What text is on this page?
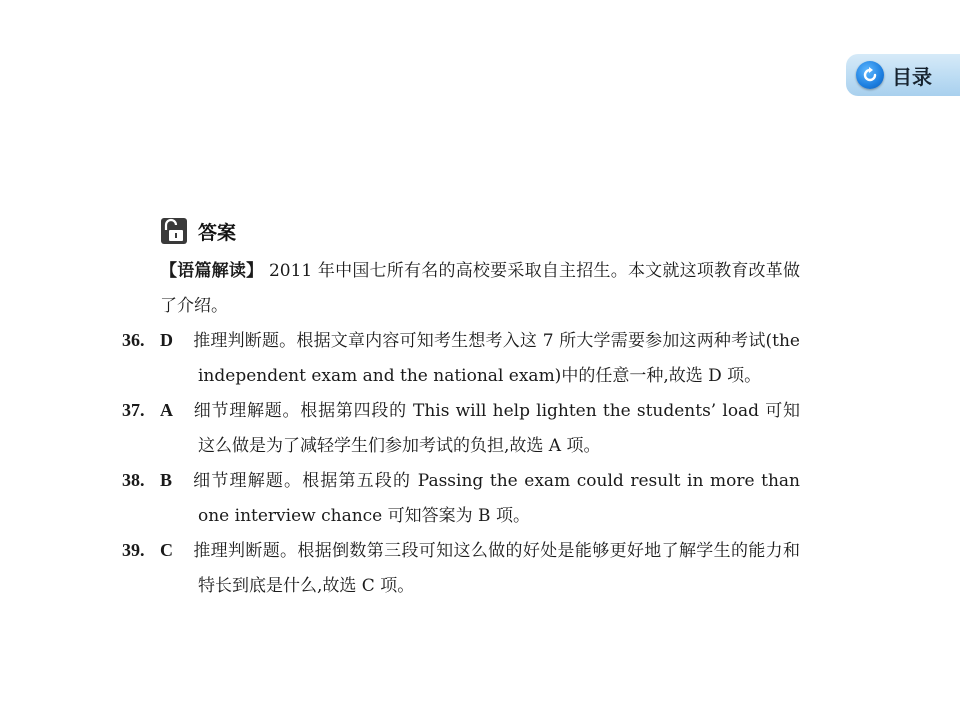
目录
答案
【语篇解读】 2011 年中国七所有名的高校要采取自主招生。本文就这项教育改革做了介绍。
36. D 推理判断题。根据文章内容可知考生想考入这 7 所大学需要参加这两种考试(the independent exam and the national exam)中的任意一种,故选 D 项。
37. A 细节理解题。根据第四段的 This will help lighten the students’ load 可知这么做是为了减轻学生们参加考试的负担,故选 A 项。
38. B 细节理解题。根据第五段的 Passing the exam could result in more than one interview chance 可知答案为 B 项。
39. C 推理判断题。根据倒数第三段可知这么做的好处是能够更好地了解学生的能力和特长到底是什么,故选 C 项。
